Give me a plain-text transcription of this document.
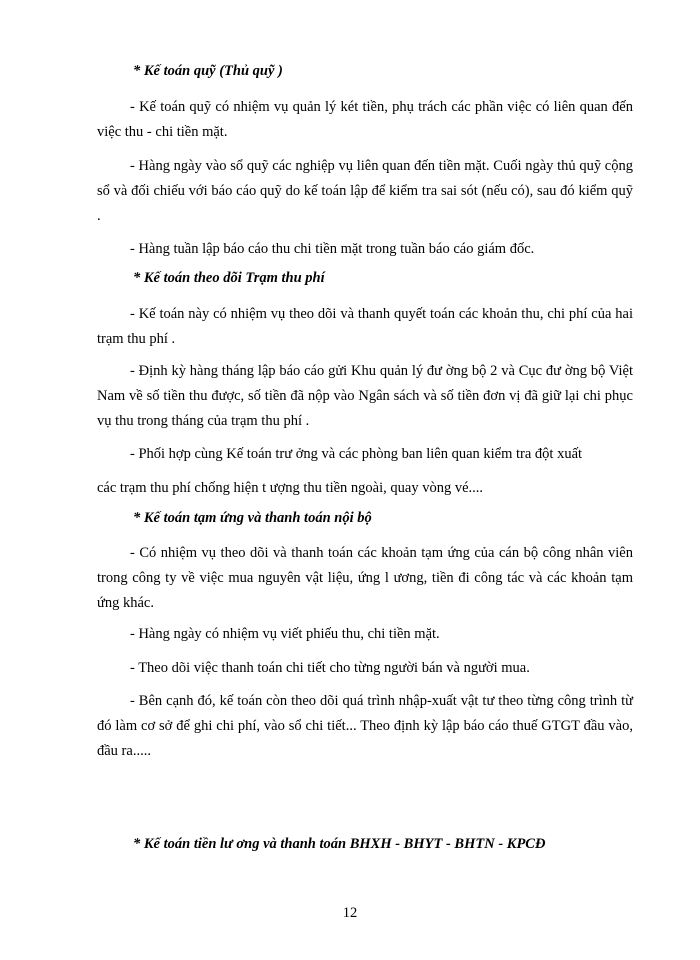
* Kế toán quỹ (Thủ quỹ )

- Kế toán quỹ có nhiệm vụ quản lý két tiền, phụ trách các phần việc có liên quan đến việc thu - chi tiền mặt.

- Hàng ngày vào sổ quỹ các nghiệp vụ liên quan đến tiền mặt. Cuối ngày thủ quỹ cộng sổ và đối chiếu với báo cáo quỹ do kế toán lập để kiểm tra sai sót (nếu có), sau đó kiểm quỹ .

- Hàng tuần lập báo cáo thu chi tiền mặt trong tuần báo cáo giám đốc.

* Kế toán theo dõi Trạm thu phí

- Kế toán này có nhiệm vụ theo dõi và thanh quyết toán các khoản thu, chi phí của hai trạm thu phí .

- Định kỳ hàng tháng lập báo cáo gửi Khu quản lý đư ờng bộ 2 và Cục đư ờng bộ Việt Nam về số tiền thu được, số tiền đã nộp vào Ngân sách và số tiền đơn vị đã giữ lại chi phục vụ thu trong tháng của trạm thu phí .

- Phối hợp cùng Kế toán trư ởng và các phòng ban liên quan kiểm tra đột xuất

các trạm thu phí chống hiện t ượng thu tiền ngoài, quay vòng vé....

* Kế toán tạm ứng và thanh toán nội bộ

- Có nhiệm vụ theo dõi và thanh toán các khoản tạm ứng của cán bộ công nhân viên trong công ty về việc mua nguyên vật liệu, ứng l ương, tiền đi công tác và các khoản tạm ứng khác.

- Hàng ngày có nhiệm vụ viết phiếu thu, chi tiền mặt.

- Theo dõi việc thanh toán chi tiết cho từng người bán và người mua.

- Bên cạnh đó, kế toán còn theo dõi quá trình nhập-xuất vật tư theo từng công trình từ đó làm cơ sở để ghi chi phí, vào sổ chi tiết... Theo định kỳ lập báo cáo thuế GTGT đầu vào, đầu ra.....

* Kế toán tiền lư ơng và thanh toán BHXH - BHYT - BHTN - KPCĐ

12
